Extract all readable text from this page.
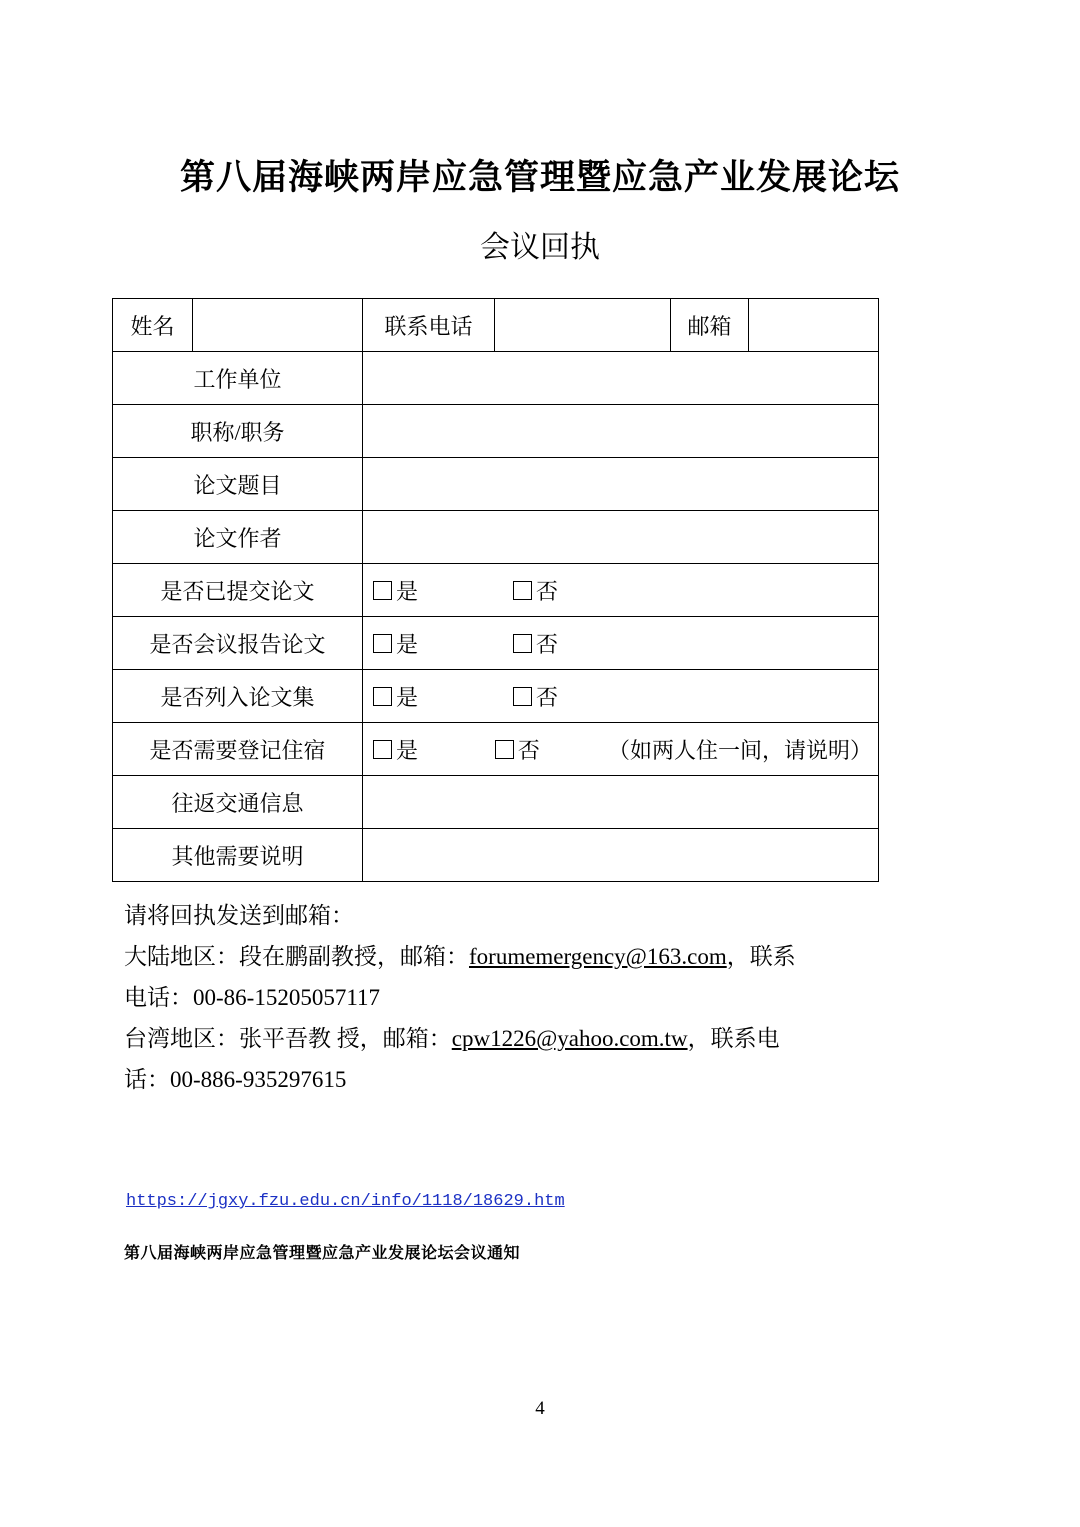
第八届海峡两岸应急管理暨应急产业发展论坛
会议回执
姓名		联系电话		邮箱	
工作单位					
职称/职务					
论文题目					
论文作者					
是否已提交论文		是 否			

是否会议报告论文		是 否			

是否列入论文集		是 否			

是否需要登记住宿		是 否 （如两人住一间，请说明）			

往返交通信息					
其他需要说明					
请将回执发送到邮箱：
大陆地区：段在鹏副教授，邮箱：forumemergency@163.com，联系
电话：00-86-15205057117
台湾地区：张平吾教 授，邮箱：cpw1226@yahoo.com.tw，联系电
话：00-886-935297615
https://jgxy.fzu.edu.cn/info/1118/18629.htm
第八届海峡两岸应急管理暨应急产业发展论坛会议通知
4
